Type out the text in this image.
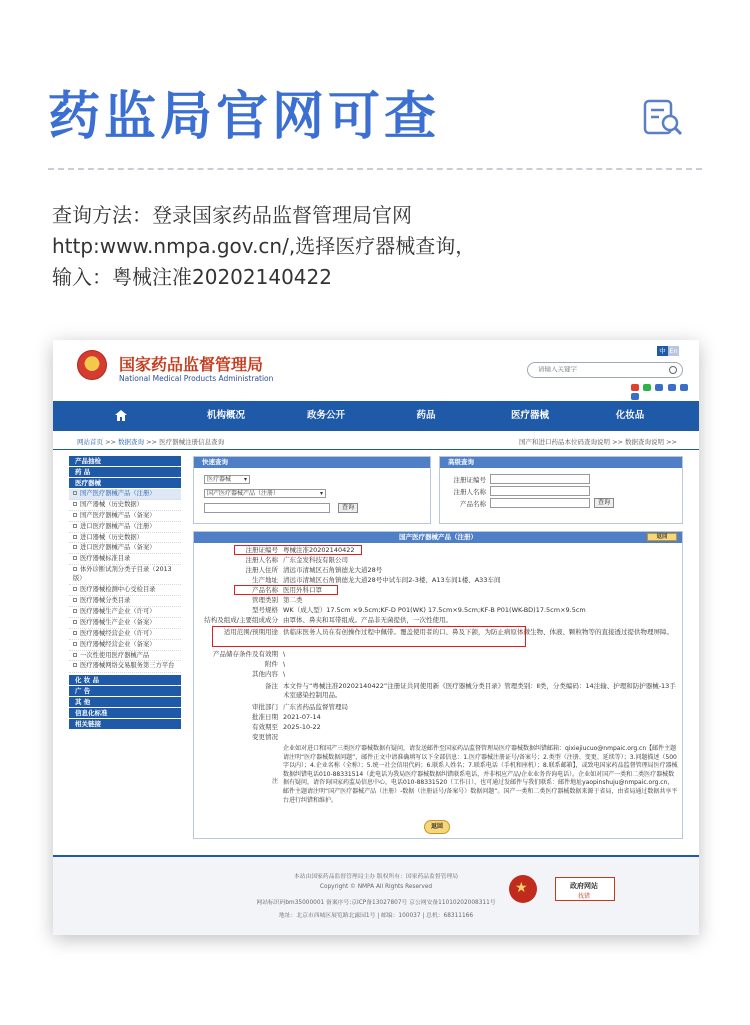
药监局官网可查
查询方法：登录国家药品监督管理局官网
http:www.nmpa.gov.cn/,选择医疗器械查询，
输入：粤械注准20202140422
国家药品监督管理局
National Medical Products Administration
中 En
请输入关键字

机构概况	政务公开	药品	医疗器械	化妆品
网站首页 >> 数据查询 >> 医疗器械注册信息查询	国产和进口药品本位码查询说明 >> 数据查询说明 >>
产品抽检
药 品
医疗器械
国产医疗器械产品（注册）
国产器械（历史数据）
国产医疗器械产品（备案）
进口医疗器械产品（注册）
进口器械（历史数据）
进口医疗器械产品（备案）
医疗器械标准目录
体外诊断试剂分类子目录（2013版）
医疗器械检测中心受检目录
医疗器械分类目录
医疗器械生产企业（许可）
医疗器械生产企业（备案）
医疗器械经营企业（许可）
医疗器械经营企业（备案）
一次性使用医疗器械产品
医疗器械网络交易服务第三方平台
化 妆 品
广 告
其 他
信息化标准
相关链接
快速查询
医疗器械 ▾
国产医疗器械产品（注册） ▾
查询
高级查询
注册证编号
注册人名称
产品名称	查询
国产医疗器械产品（注册）	返回
注册证编号 粤械注准20202140422
注册人名称 广东金发科技有限公司
注册人住所 清远市清城区石角镇德龙大道28号
生产地址 清远市清城区石角镇德龙大道28号中试车间2-3楼、A13车间1楼、A33车间
产品名称 医用外科口罩
管理类别 第二类
型号规格 WK（成人型）17.5cm ×9.5cm;KF-D P01(WK) 17.5cm×9.5cm;KF-B P01(WK-BD)17.5cm×9.5cm
结构及组成/主要组成成分 由罩体、鼻夹和耳带组成。产品非无菌提供，一次性使用。
适用范围/预期用途 供临床医务人员在有创操作过程中佩带。覆盖使用者的口、鼻及下颌，为防止病原体微生物、体液、颗粒物等的直接透过提供物理屏障。
产品储存条件及有效期 \
附件 \
其他内容 \
备注 本文件与“粤械注准20202140422”注册证共同使用新《医疗器械分类目录》管理类别：Ⅱ类，分类编码：14注输、护理和防护器械-13手术室感染控制用品。
审批部门 广东省药品监督管理局
批准日期 2021-07-14
有效期至 2025-10-22
变更情况
注
企业如对进口和国产三类医疗器械数据有疑问，请发送邮件至国家药品监督管理局医疗器械数据纠错邮箱：qixiejiucuo@nmpaic.org.cn【邮件主题请注明“医疗器械数据问题”，邮件正文中请准确填写以下全部信息：1.医疗器械注册证号/备案号；2.类型（注册、变更、延续等）；3.问题描述（500字以内）；4.企业名称（全称）；5.统一社会信用代码；6.联系人姓名；7.联系电话（手机和座机）；8.联系邮箱】，或致电国家药品监督管理局医疗器械数据纠错电话010-88331514（此电话为我局医疗器械数据纠错联系电话，并非相应产品/企业业务咨询电话）。企业如对国产一类和二类医疗器械数据有疑问，请咨询国家药监局信息中心，电话010-88331520（工作日），也可通过发邮件与我们联系：邮件地址yaopinshuju@nmpaic.org.cn，邮件主题请注明“国产医疗器械产品（注册）-数据（注册证号/备案号）数据问题”。国产一类和二类医疗器械数据来源于省局，由省局通过数据共享平台进行纠错和维护。
返回
本站由国家药品监督管理局主办 版权所有：国家药品监督管理局
Copyright © NMPA All Rights Reserved
网站标识码bm35000001 备案序号:京ICP备13027807号 京公网安备11010202008311号
地址：北京市西城区展览路北露园1号 | 邮编：100037 | 总机：68311166
★	政府网站
找错
